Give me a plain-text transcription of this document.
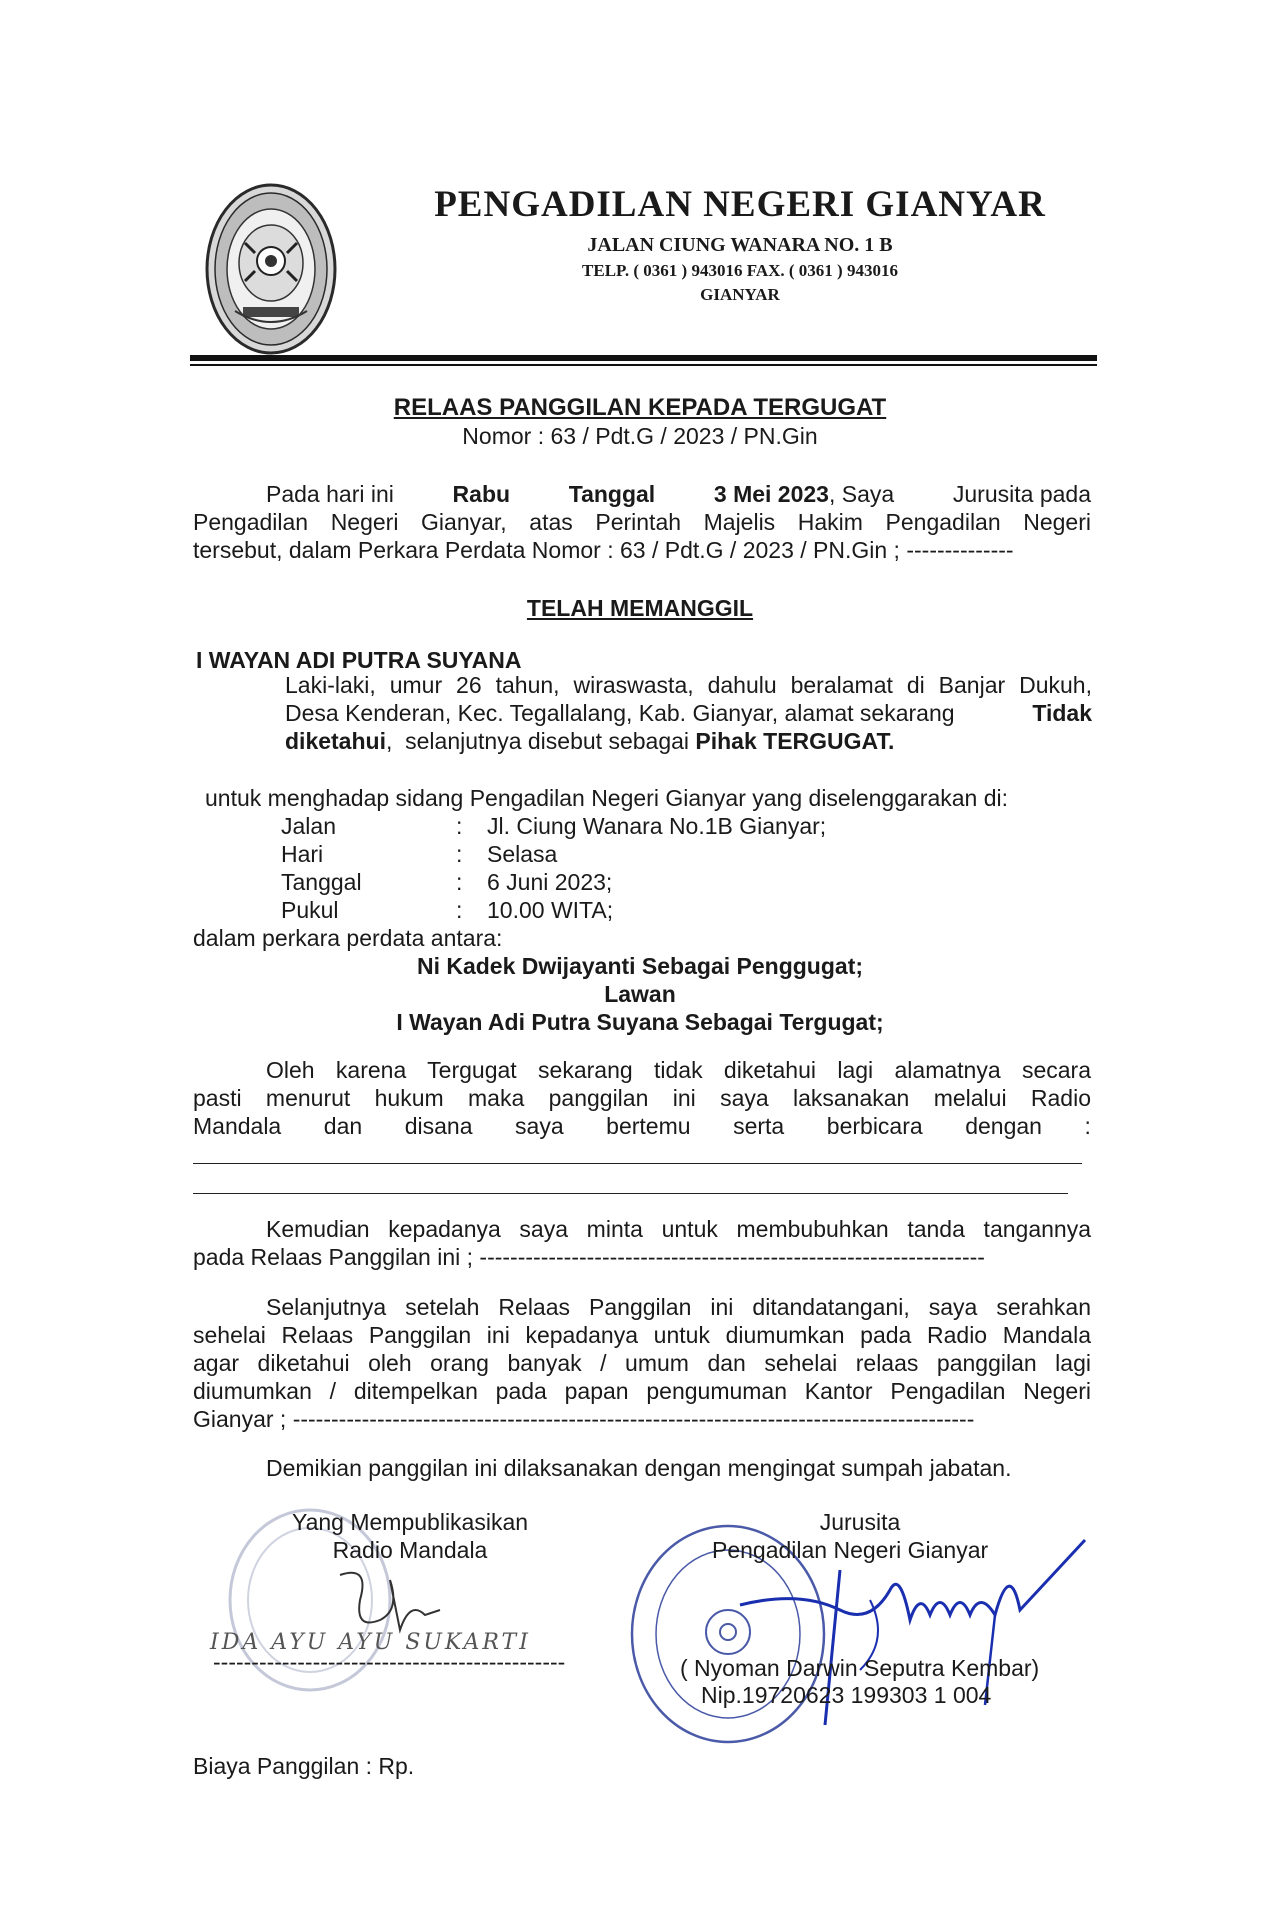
PENGADILAN NEGERI GIANYAR
JALAN CIUNG WANARA NO. 1 B
TELP. ( 0361 ) 943016 FAX. ( 0361 ) 943016
GIANYAR
RELAAS PANGGILAN KEPADA TERGUGAT
Nomor : 63 / Pdt.G / 2023 / PN.Gin
Pada hari ini	Rabu	Tanggal	3 Mei 2023, Saya	Jurusita pada
Pengadilan Negeri Gianyar, atas Perintah Majelis Hakim Pengadilan Negeri
tersebut, dalam Perkara Perdata Nomor : 63 / Pdt.G / 2023 / PN.Gin ; --------------
TELAH MEMANGGIL
I WAYAN ADI PUTRA SUYANA
Laki-laki, umur 26 tahun, wiraswasta, dahulu beralamat di Banjar Dukuh,
Desa Kenderan, Kec. Tegallalang, Kab. Gianyar, alamat sekarang	Tidak
diketahui,  selanjutnya disebut sebagai Pihak TERGUGAT.
untuk menghadap sidang Pengadilan Negeri Gianyar yang diselenggarakan di:
Jalan	: Jl. Ciung Wanara No.1B Gianyar;
Hari	: Selasa
Tanggal	: 6 Juni 2023;
Pukul	: 10.00 WITA;
dalam perkara perdata antara:
Ni Kadek Dwijayanti Sebagai Penggugat;
Lawan
I Wayan Adi Putra Suyana Sebagai Tergugat;
Oleh karena Tergugat sekarang tidak diketahui lagi alamatnya secara
pasti menurut hukum maka panggilan ini saya laksanakan melalui Radio
Mandala dan disana saya bertemu serta berbicara dengan :
Kemudian kepadanya saya minta untuk membubuhkan tanda tangannya
pada Relaas Panggilan ini ; ------------------------------------------------------------------
Selanjutnya setelah Relaas Panggilan ini ditandatangani, saya serahkan
sehelai Relaas Panggilan ini kepadanya untuk diumumkan pada Radio Mandala
agar diketahui oleh orang banyak / umum dan sehelai relaas panggilan lagi
diumumkan / ditempelkan pada papan pengumuman Kantor Pengadilan Negeri
Gianyar ; -----------------------------------------------------------------------------------------
Demikian panggilan ini dilaksanakan dengan mengingat sumpah jabatan.
Yang Mempublikasikan
Radio Mandala
IDA AYU AYU SUKARTI
----------------------------------------------
Jurusita
Pengadilan Negeri Gianyar
( Nyoman Darwin Seputra Kembar)
Nip.19720623 199303 1 004
Biaya Panggilan : Rp.
